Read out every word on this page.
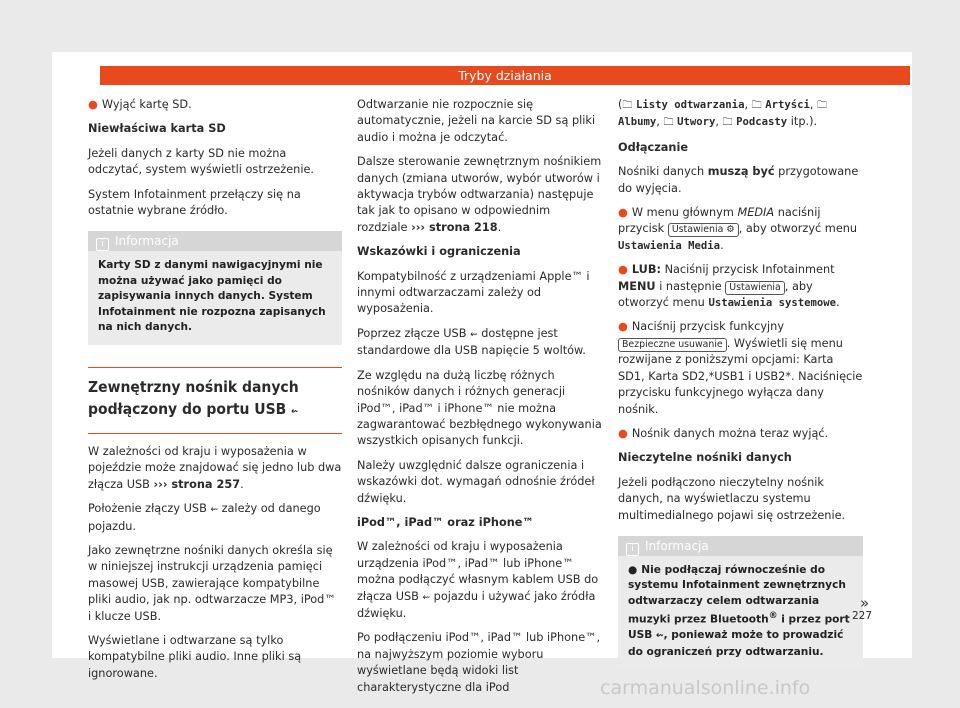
Tryby działania

● Wyjąć kartę SD.

Niewłaściwa karta SD

Jeżeli danych z karty SD nie można odczytać, system wyświetli ostrzeżenie.

System Infotainment przełączy się na ostatnie wybrane źródło.

i Informacja

Karty SD z danymi nawigacyjnymi nie można używać jako pamięci do zapisywania innych danych. System Infotainment nie rozpozna zapisanych na nich danych.

Zewnętrzny nośnik danych podłączony do portu USB ⇜

W zależności od kraju i wyposażenia w pojeździe może znajdować się jedno lub dwa złącza USB ››› strona 257.

Położenie złączy USB ⇜ zależy od danego pojazdu.

Jako zewnętrzne nośniki danych określa się w niniejszej instrukcji urządzenia pamięci masowej USB, zawierające kompatybilne pliki audio, jak np. odtwarzacze MP3, iPod™ i klucze USB.

Wyświetlane i odtwarzane są tylko kompatybilne pliki audio. Inne pliki są ignorowane.

Odtwarzanie nie rozpocznie się automatycznie, jeżeli na karcie SD są pliki audio i można je odczytać.

Dalsze sterowanie zewnętrznym nośnikiem danych (zmiana utworów, wybór utworów i aktywacja trybów odtwarzania) następuje tak jak to opisano w odpowiednim rozdziale ››› strona 218.

Wskazówki i ograniczenia

Kompatybilność z urządzeniami Apple™ i innymi odtwarzaczami zależy od wyposażenia.

Poprzez złącze USB ⇜ dostępne jest standardowe dla USB napięcie 5 woltów.

Ze względu na dużą liczbę różnych nośników danych i różnych generacji iPod™, iPad™ i iPhone™ nie można zagwarantować bezbłędnego wykonywania wszystkich opisanych funkcji.

Należy uwzględnić dalsze ograniczenia i wskazówki dot. wymagań odnośnie źródeł dźwięku.

iPod™, iPad™ oraz iPhone™

W zależności od kraju i wyposażenia urządzenia iPod™, iPad™ lub iPhone™ można podłączyć własnym kablem USB do złącza USB ⇜ pojazdu i używać jako źródła dźwięku.

Po podłączeniu iPod™, iPad™ lub iPhone™, na najwyższym poziomie wyboru wyświetlane będą widoki list charakterystyczne dla iPod

(🗀 Listy odtwarzania, 🗀 Artyści, 🗀 Albumy, 🗀 Utwory, 🗀 Podcasty itp.).

Odłączanie

Nośniki danych muszą być przygotowane do wyjęcia.

● W menu głównym MEDIA naciśnij przycisk Ustawienia ⚙ , aby otworzyć menu Ustawienia Media.

● LUB: Naciśnij przycisk Infotainment MENU i następnie Ustawienia , aby otworzyć menu Ustawienia systemowe.

● Naciśnij przycisk funkcyjny Bezpieczne usuwanie . Wyświetli się menu rozwijane z poniższymi opcjami: Karta SD1, Karta SD2,*USB1 i USB2*. Naciśnięcie przycisku funkcyjnego wyłącza dany nośnik.

● Nośnik danych można teraz wyjąć.

Nieczytelne nośniki danych

Jeżeli podłączono nieczytelny nośnik danych, na wyświetlaczu systemu multimedialnego pojawi się ostrzeżenie.

i Informacja

● Nie podłączaj równocześnie do systemu Infotainment zewnętrznych odtwarzaczy celem odtwarzania muzyki przez Bluetooth® i przez port USB ⇜, ponieważ może to prowadzić do ograniczeń przy odtwarzaniu.

»
227
carmanualsonline.info
